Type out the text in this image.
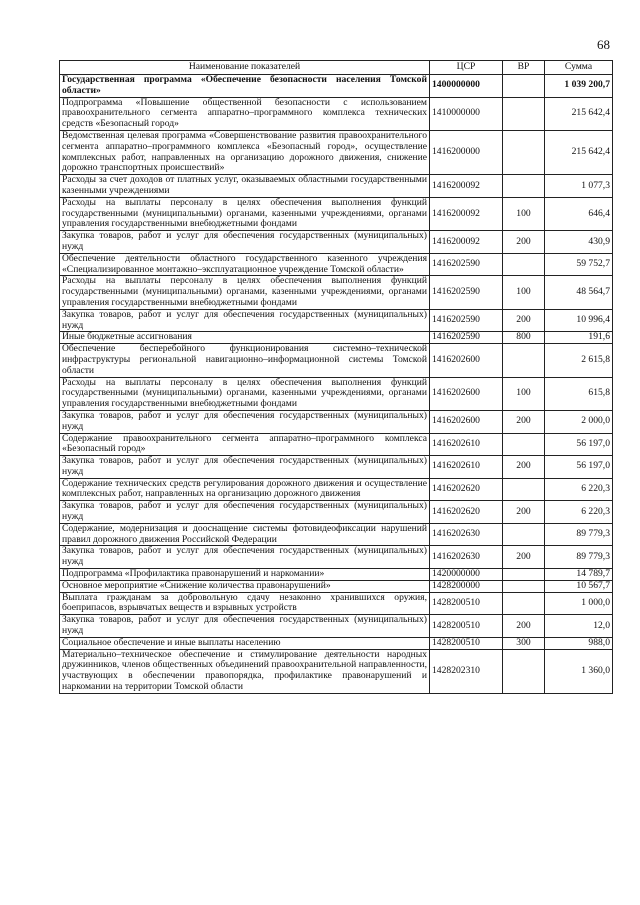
68
Наименование показателей	ЦСР	ВР	Сумма
Государственная программа «Обеспечение безопасности населения Томской области»	1400000000		1 039 200,7
Подпрограмма «Повышение общественной безопасности с использованием правоохранительного сегмента аппаратно–программного комплекса технических средств «Безопасный город»	1410000000		215 642,4
Ведомственная целевая программа «Совершенствование развития правоохранительного сегмента аппаратно–программного комплекса «Безопасный город», осуществление комплексных работ, направленных на организацию дорожного движения, снижение дорожно транспортных происшествий»	1416200000		215 642,4
Расходы за счет доходов от платных услуг, оказываемых областными государственными казенными учреждениями	1416200092		1 077,3
Расходы на выплаты персоналу в целях обеспечения выполнения функций государственными (муниципальными) органами, казенными учреждениями, органами управления государственными внебюджетными фондами	1416200092	100	646,4
Закупка товаров, работ и услуг для обеспечения государственных (муниципальных) нужд	1416200092	200	430,9
Обеспечение деятельности областного государственного казенного учреждения «Специализированное монтажно–эксплуатационное учреждение Томской области»	1416202590		59 752,7
Расходы на выплаты персоналу в целях обеспечения выполнения функций государственными (муниципальными) органами, казенными учреждениями, органами управления государственными внебюджетными фондами	1416202590	100	48 564,7
Закупка товаров, работ и услуг для обеспечения государственных (муниципальных) нужд	1416202590	200	10 996,4
Иные бюджетные ассигнования	1416202590	800	191,6
Обеспечение бесперебойного функционирования системно–технической инфраструктуры региональной навигационно–информационной системы Томской области	1416202600		2 615,8
Расходы на выплаты персоналу в целях обеспечения выполнения функций государственными (муниципальными) органами, казенными учреждениями, органами управления государственными внебюджетными фондами	1416202600	100	615,8
Закупка товаров, работ и услуг для обеспечения государственных (муниципальных) нужд	1416202600	200	2 000,0
Содержание правоохранительного сегмента аппаратно–программного комплекса «Безопасный город»	1416202610		56 197,0
Закупка товаров, работ и услуг для обеспечения государственных (муниципальных) нужд	1416202610	200	56 197,0
Содержание технических средств регулирования дорожного движения и осуществление комплексных работ, направленных на организацию дорожного движения	1416202620		6 220,3
Закупка товаров, работ и услуг для обеспечения государственных (муниципальных) нужд	1416202620	200	6 220,3
Содержание, модернизация и дооснащение системы фотовидеофиксации нарушений правил дорожного движения Российской Федерации	1416202630		89 779,3
Закупка товаров, работ и услуг для обеспечения государственных (муниципальных) нужд	1416202630	200	89 779,3
Подпрограмма «Профилактика правонарушений и наркомании»	1420000000		14 789,7
Основное мероприятие «Снижение количества правонарушений»	1428200000		10 567,7
Выплата гражданам за добровольную сдачу незаконно хранившихся оружия, боеприпасов, взрывчатых веществ и взрывных устройств	1428200510		1 000,0
Закупка товаров, работ и услуг для обеспечения государственных (муниципальных) нужд	1428200510	200	12,0
Социальное обеспечение и иные выплаты населению	1428200510	300	988,0
Материально–техническое обеспечение и стимулирование деятельности народных дружинников, членов общественных объединений правоохранительной направленности, участвующих в обеспечении правопорядка, профилактике правонарушений и наркомании на территории Томской области	1428202310		1 360,0
